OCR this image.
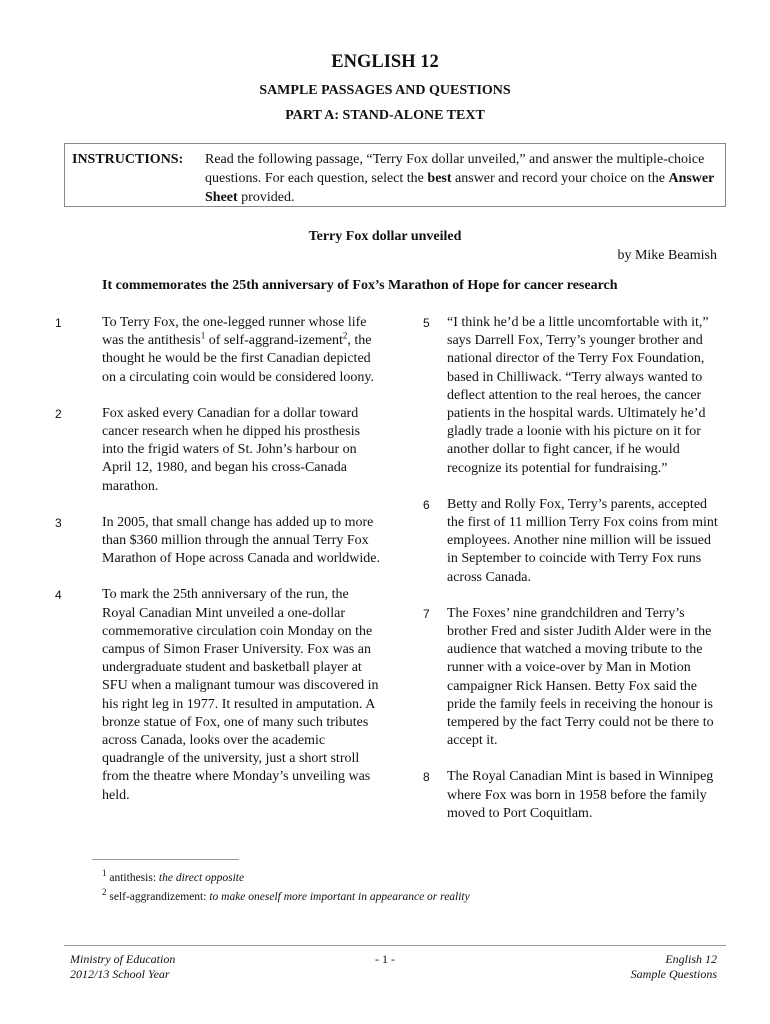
ENGLISH 12
SAMPLE PASSAGES AND QUESTIONS
PART A: STAND-ALONE TEXT
INSTRUCTIONS: Read the following passage, “Terry Fox dollar unveiled,” and answer the multiple-choice questions. For each question, select the best answer and record your choice on the Answer Sheet provided.
Terry Fox dollar unveiled
by Mike Beamish
It commemorates the 25th anniversary of Fox’s Marathon of Hope for cancer research
1	To Terry Fox, the one-legged runner whose life was the antithesis$^1$ of self-aggrand-izement$^2$, the thought he would be the first Canadian depicted on a circulating coin would be considered loony.
2	Fox asked every Canadian for a dollar toward cancer research when he dipped his prosthesis into the frigid waters of St. John’s harbour on April 12, 1980, and began his cross-Canada marathon.
3	In 2005, that small change has added up to more than $360 million through the annual Terry Fox Marathon of Hope across Canada and worldwide.
4	To mark the 25th anniversary of the run, the Royal Canadian Mint unveiled a one-dollar commemorative circulation coin Monday on the campus of Simon Fraser University. Fox was an undergraduate student and basketball player at SFU when a malignant tumour was discovered in his right leg in 1977. It resulted in amputation. A bronze statue of Fox, one of many such tributes across Canada, looks over the academic quadrangle of the university, just a short stroll from the theatre where Monday’s unveiling was held.
5 “I think he’d be a little uncomfortable with it,” says Darrell Fox, Terry’s younger brother and national director of the Terry Fox Foundation, based in Chilliwack. “Terry always wanted to deflect attention to the real heroes, the cancer patients in the hospital wards. Ultimately he’d gladly trade a loonie with his picture on it for another dollar to fight cancer, if he would recognize its potential for fundraising.”
6 Betty and Rolly Fox, Terry’s parents, accepted the first of 11 million Terry Fox coins from mint employees. Another nine million will be issued in September to coincide with Terry Fox runs across Canada.
7 The Foxes’ nine grandchildren and Terry’s brother Fred and sister Judith Alder were in the audience that watched a moving tribute to the runner with a voice-over by Man in Motion campaigner Rick Hansen. Betty Fox said the pride the family feels in receiving the honour is tempered by the fact Terry could not be there to accept it.
8 The Royal Canadian Mint is based in Winnipeg where Fox was born in 1958 before the family moved to Port Coquitlam.
$^1$ antithesis: the direct opposite
$^2$ self-aggrandizement: to make oneself more important in appearance or reality
Ministry of Education
2012/13 School Year
- 1 -	English 12
Sample Questions
